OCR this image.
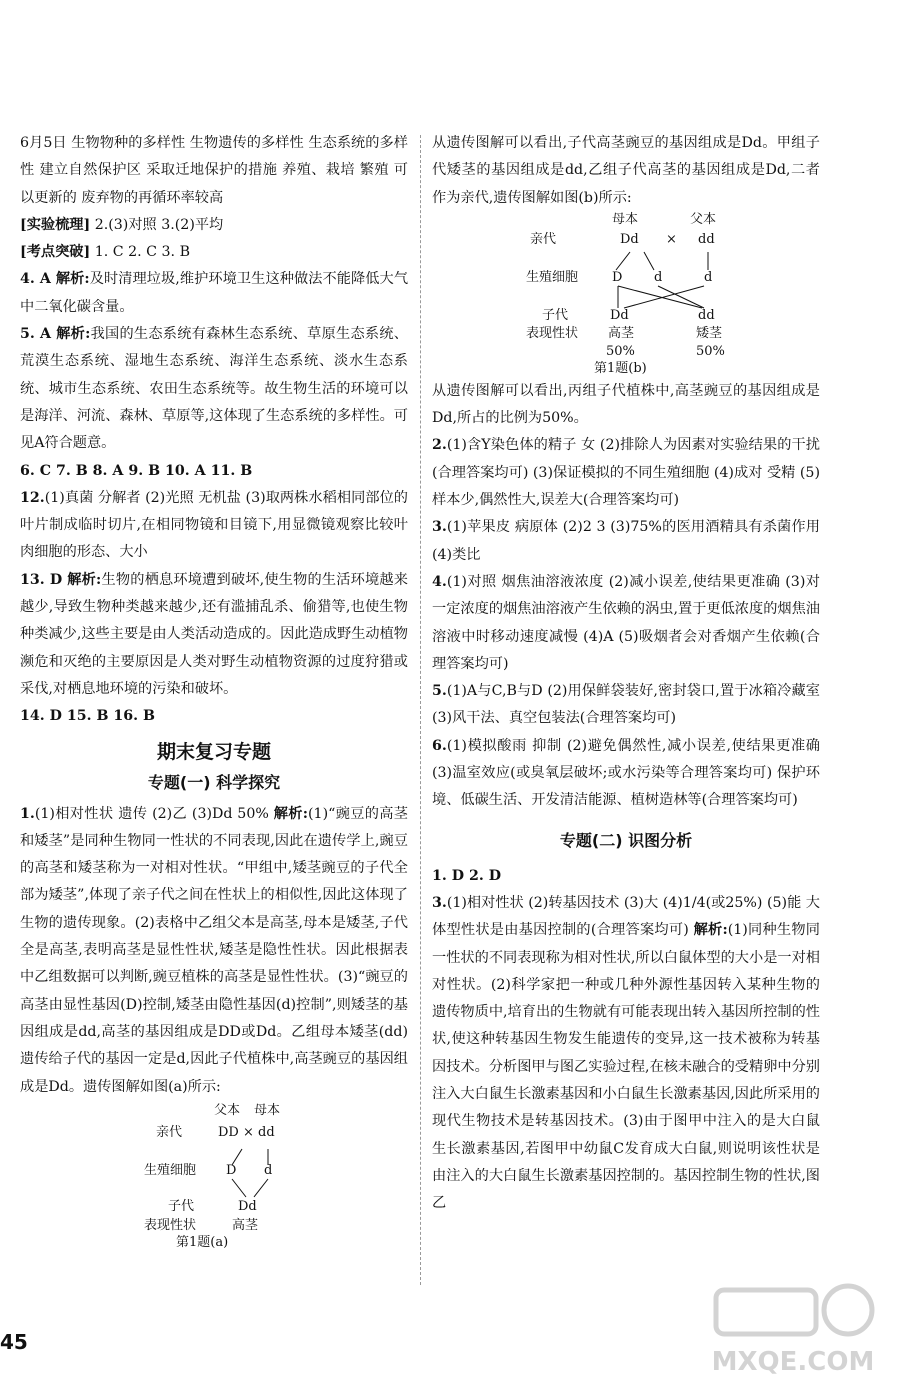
6月5日 生物物种的多样性 生物遗传的多样性 生态系统的多样性 建立自然保护区 采取迁地保护的措施 养殖、栽培 繁殖 可以更新的 废弃物的再循环率较高

[实验梳理] 2.(3)对照 3.(2)平均

[考点突破] 1. C 2. C 3. B

4. A 解析:及时清理垃圾,维护环境卫生这种做法不能降低大气中二氧化碳含量。

5. A 解析:我国的生态系统有森林生态系统、草原生态系统、荒漠生态系统、湿地生态系统、海洋生态系统、淡水生态系统、城市生态系统、农田生态系统等。故生物生活的环境可以是海洋、河流、森林、草原等,这体现了生态系统的多样性。可见A符合题意。

6. C 7. B 8. A 9. B 10. A 11. B

12.(1)真菌 分解者 (2)光照 无机盐 (3)取两株水稻相同部位的叶片制成临时切片,在相同物镜和目镜下,用显微镜观察比较叶肉细胞的形态、大小

13. D 解析:生物的栖息环境遭到破坏,使生物的生活环境越来越少,导致生物种类越来越少,还有滥捕乱杀、偷猎等,也使生物种类减少,这些主要是由人类活动造成的。因此造成野生动植物濒危和灭绝的主要原因是人类对野生动植物资源的过度狩猎或采伐,对栖息地环境的污染和破坏。

14. D 15. B 16. B

期末复习专题
专题(一) 科学探究

1.(1)相对性状 遗传 (2)乙 (3)Dd 50% 解析:(1)“豌豆的高茎和矮茎”是同种生物同一性状的不同表现,因此在遗传学上,豌豆的高茎和矮茎称为一对相对性状。“甲组中,矮茎豌豆的子代全部为矮茎”,体现了亲子代之间在性状上的相似性,因此这体现了生物的遗传现象。(2)表格中乙组父本是高茎,母本是矮茎,子代全是高茎,表明高茎是显性性状,矮茎是隐性性状。因此根据表中乙组数据可以判断,豌豆植株的高茎是显性性状。(3)“豌豆的高茎由显性基因(D)控制,矮茎由隐性基因(d)控制”,则矮茎的基因组成是dd,高茎的基因组成是DD或Dd。乙组母本矮茎(dd)遗传给子代的基因一定是d,因此子代植株中,高茎豌豆的基因组成是Dd。遗传图解如图(a)所示:

父本 母本
亲代	DD × dd
生殖细胞 D d
子代	Dd
表现性状	高茎
第1题(a)

从遗传图解可以看出,子代高茎豌豆的基因组成是Dd。甲组子代矮茎的基因组成是dd,乙组子代高茎的基因组成是Dd,二者作为亲代,遗传图解如图(b)所示:

母本	父本
亲代	Dd × dd
生殖细胞	D d	d
子代	Dd	dd
表现性状 高茎	矮茎
50%	50%
第1题(b)

从遗传图解可以看出,丙组子代植株中,高茎豌豆的基因组成是Dd,所占的比例为50%。

2.(1)含Y染色体的精子 女 (2)排除人为因素对实验结果的干扰(合理答案均可) (3)保证模拟的不同生殖细胞 (4)成对 受精 (5)样本少,偶然性大,误差大(合理答案均可)

3.(1)苹果皮 病原体 (2)2 3 (3)75%的医用酒精具有杀菌作用 (4)类比

4.(1)对照 烟焦油溶液浓度 (2)减小误差,使结果更准确 (3)对一定浓度的烟焦油溶液产生依赖的涡虫,置于更低浓度的烟焦油溶液中时移动速度减慢 (4)A (5)吸烟者会对香烟产生依赖(合理答案均可)

5.(1)A与C,B与D (2)用保鲜袋装好,密封袋口,置于冰箱冷藏室 (3)风干法、真空包装法(合理答案均可)

6.(1)模拟酸雨 抑制 (2)避免偶然性,减小误差,使结果更准确 (3)温室效应(或臭氧层破坏;或水污染等合理答案均可) 保护环境、低碳生活、开发清洁能源、植树造林等(合理答案均可)

专题(二) 识图分析

1. D 2. D

3.(1)相对性状 (2)转基因技术 (3)大 (4)1/4(或25%) (5)能 大体型性状是由基因控制的(合理答案均可) 解析:(1)同种生物同一性状的不同表现称为相对性状,所以白鼠体型的大小是一对相对性状。(2)科学家把一种或几种外源性基因转入某种生物的遗传物质中,培育出的生物就有可能表现出转入基因所控制的性状,使这种转基因生物发生能遗传的变异,这一技术被称为转基因技术。分析图甲与图乙实验过程,在核未融合的受精卵中分别注入大白鼠生长激素基因和小白鼠生长激素基因,因此所采用的现代生物技术是转基因技术。(3)由于图甲中注入的是大白鼠生长激素基因,若图甲中幼鼠C发育成大白鼠,则说明该性状是由注入的大白鼠生长激素基因控制的。基因控制生物的性状,图乙

45
MXQE.COM
